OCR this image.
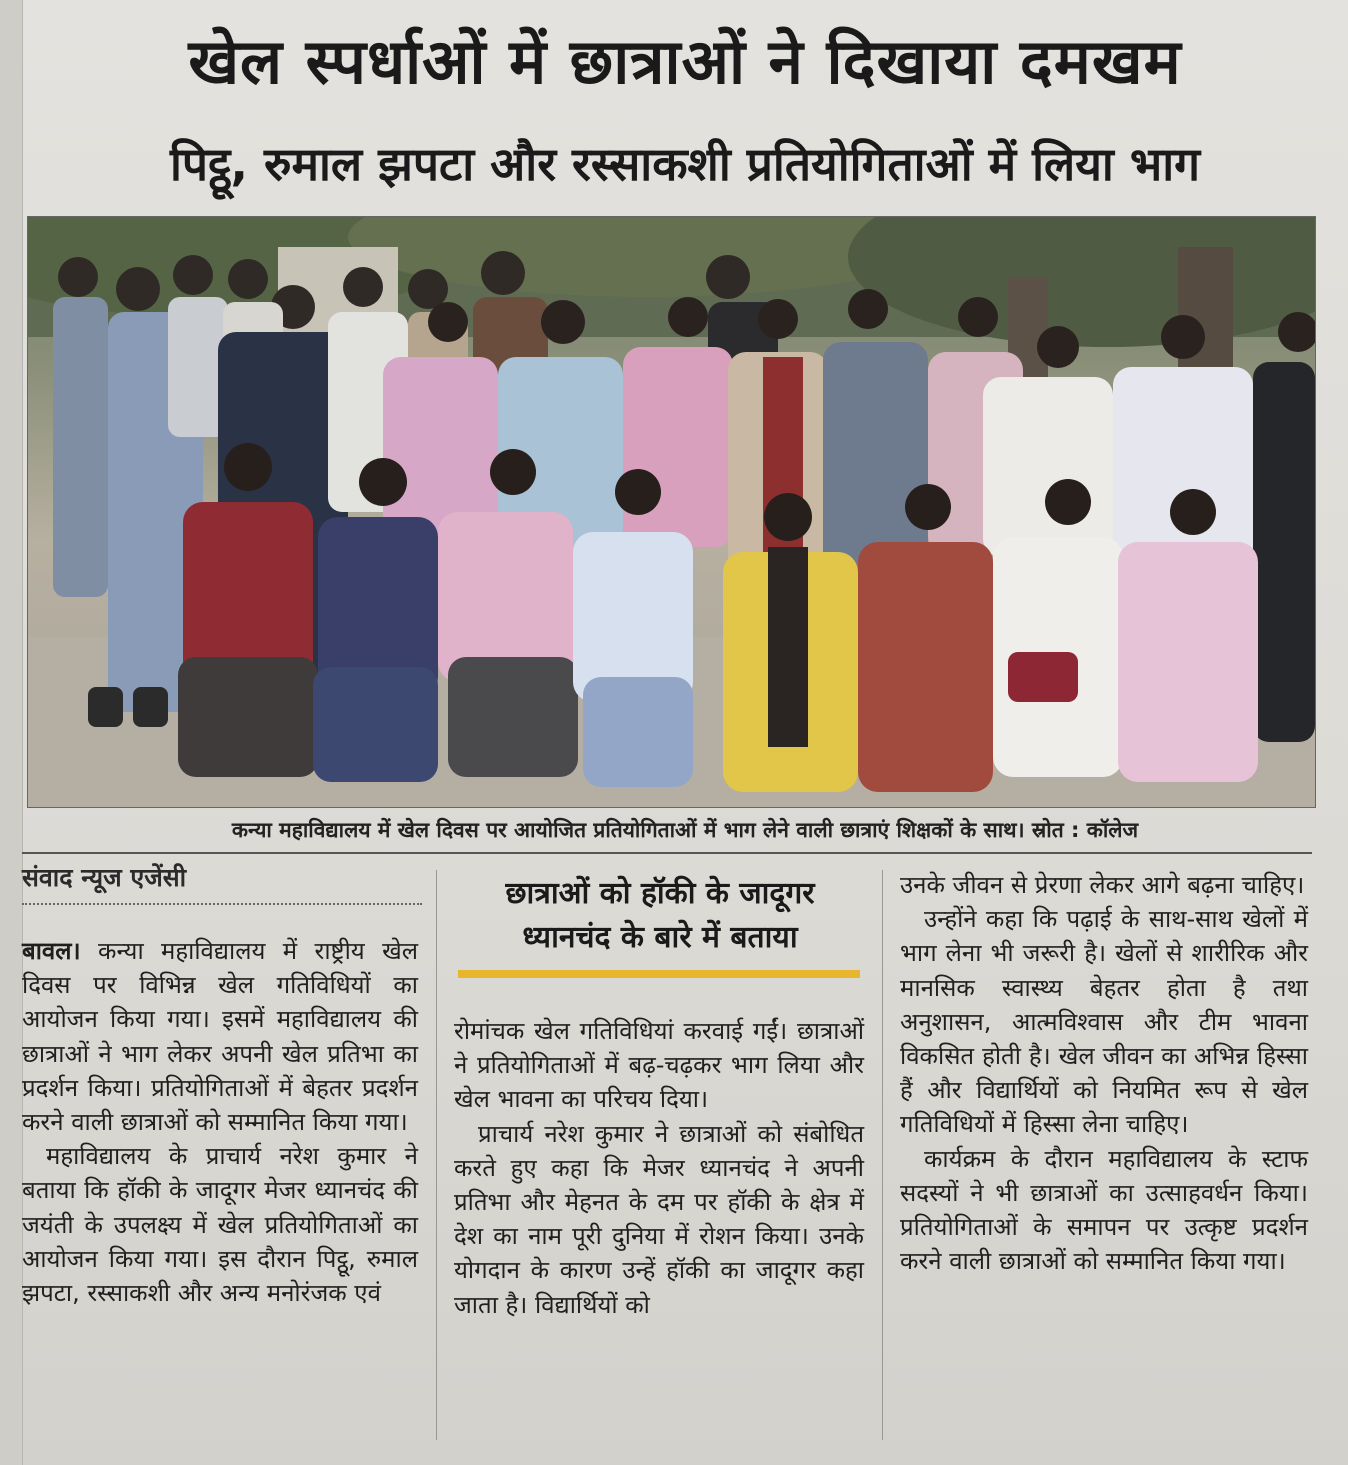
खेल स्पर्धाओं में छात्राओं ने दिखाया दमखम
पिट्ठू, रुमाल झपटा और रस्साकशी प्रतियोगिताओं में लिया भाग
कन्या महाविद्यालय में खेल दिवस पर आयोजित प्रतियोगिताओं में भाग लेने वाली छात्राएं शिक्षकों के साथ। स्रोत : कॉलेज
संवाद न्यूज एजेंसी

बावल। कन्या महाविद्यालय में राष्ट्रीय खेल दिवस पर विभिन्न खेल गतिविधियों का आयोजन किया गया। इसमें महाविद्यालय की छात्राओं ने भाग लेकर अपनी खेल प्रतिभा का प्रदर्शन किया। प्रतियोगिताओं में बेहतर प्रदर्शन करने वाली छात्राओं को सम्मानित किया गया।

महाविद्यालय के प्राचार्य नरेश कुमार ने बताया कि हॉकी के जादूगर मेजर ध्यानचंद की जयंती के उपलक्ष्य में खेल प्रतियोगिताओं का आयोजन किया गया। इस दौरान पिट्ठू, रुमाल झपटा, रस्साकशी और अन्य मनोरंजक एवं

छात्राओं को हॉकी के जादूगर
ध्यानचंद के बारे में बताया

रोमांचक खेल गतिविधियां करवाई गईं। छात्राओं ने प्रतियोगिताओं में बढ़-चढ़कर भाग लिया और खेल भावना का परिचय दिया।

प्राचार्य नरेश कुमार ने छात्राओं को संबोधित करते हुए कहा कि मेजर ध्यानचंद ने अपनी प्रतिभा और मेहनत के दम पर हॉकी के क्षेत्र में देश का नाम पूरी दुनिया में रोशन किया। उनके योगदान के कारण उन्हें हॉकी का जादूगर कहा जाता है। विद्यार्थियों को

उनके जीवन से प्रेरणा लेकर आगे बढ़ना चाहिए।

उन्होंने कहा कि पढ़ाई के साथ-साथ खेलों में भाग लेना भी जरूरी है। खेलों से शारीरिक और मानसिक स्वास्थ्य बेहतर होता है तथा अनुशासन, आत्मविश्वास और टीम भावना विकसित होती है। खेल जीवन का अभिन्न हिस्सा हैं और विद्यार्थियों को नियमित रूप से खेल गतिविधियों में हिस्सा लेना चाहिए।

कार्यक्रम के दौरान महाविद्यालय के स्टाफ सदस्यों ने भी छात्राओं का उत्साहवर्धन किया। प्रतियोगिताओं के समापन पर उत्कृष्ट प्रदर्शन करने वाली छात्राओं को सम्मानित किया गया।
